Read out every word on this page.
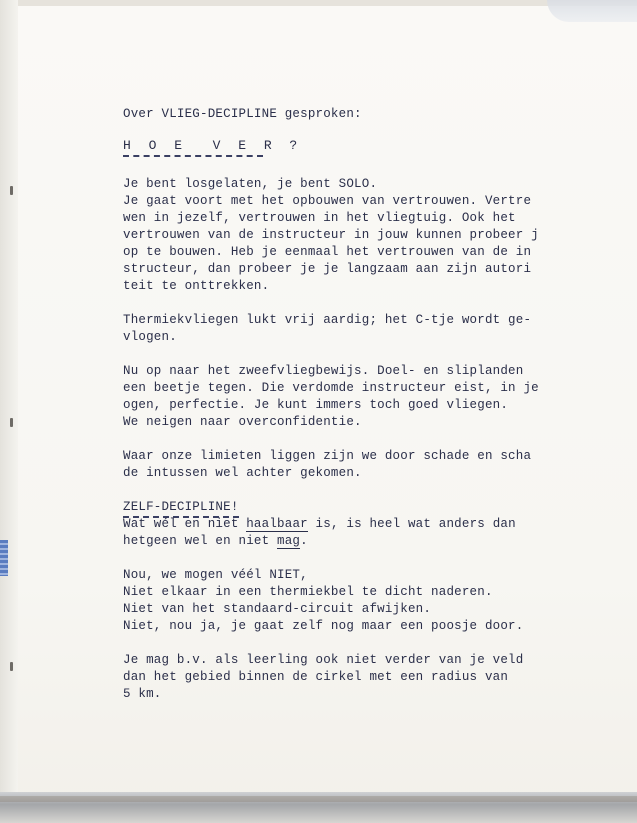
Over VLIEG-DECIPLINE gesproken:
H O E  V E R ?
Je bent losgelaten, je bent SOLO.
Je gaat voort met het opbouwen van vertrouwen. Vertre
wen in jezelf, vertrouwen in het vliegtuig. Ook het
vertrouwen van de instructeur in jouw kunnen probeer j
op te bouwen. Heb je eenmaal het vertrouwen van de in
structeur, dan probeer je je langzaam aan zijn autori
teit te onttrekken.
Thermiekvliegen lukt vrij aardig; het C-tje wordt ge-
vlogen.
Nu op naar het zweefvliegbewijs. Doel- en sliplanden
een beetje tegen. Die verdomde instructeur eist, in je
ogen, perfectie. Je kunt immers toch goed vliegen.
We neigen naar overconfidentie.
Waar onze limieten liggen zijn we door schade en scha
de intussen wel achter gekomen.
ZELF-DECIPLINE!
Wat wél en niet haalbaar is, is heel wat anders dan
hetgeen wel en niet mag.
Nou, we mogen véél NIET,
Niet elkaar in een thermiekbel te dicht naderen.
Niet van het standaard-circuit afwijken.
Niet, nou ja, je gaat zelf nog maar een poosje door.
Je mag b.v. als leerling ook niet verder van je veld
dan het gebied binnen de cirkel met een radius van
5 km.
